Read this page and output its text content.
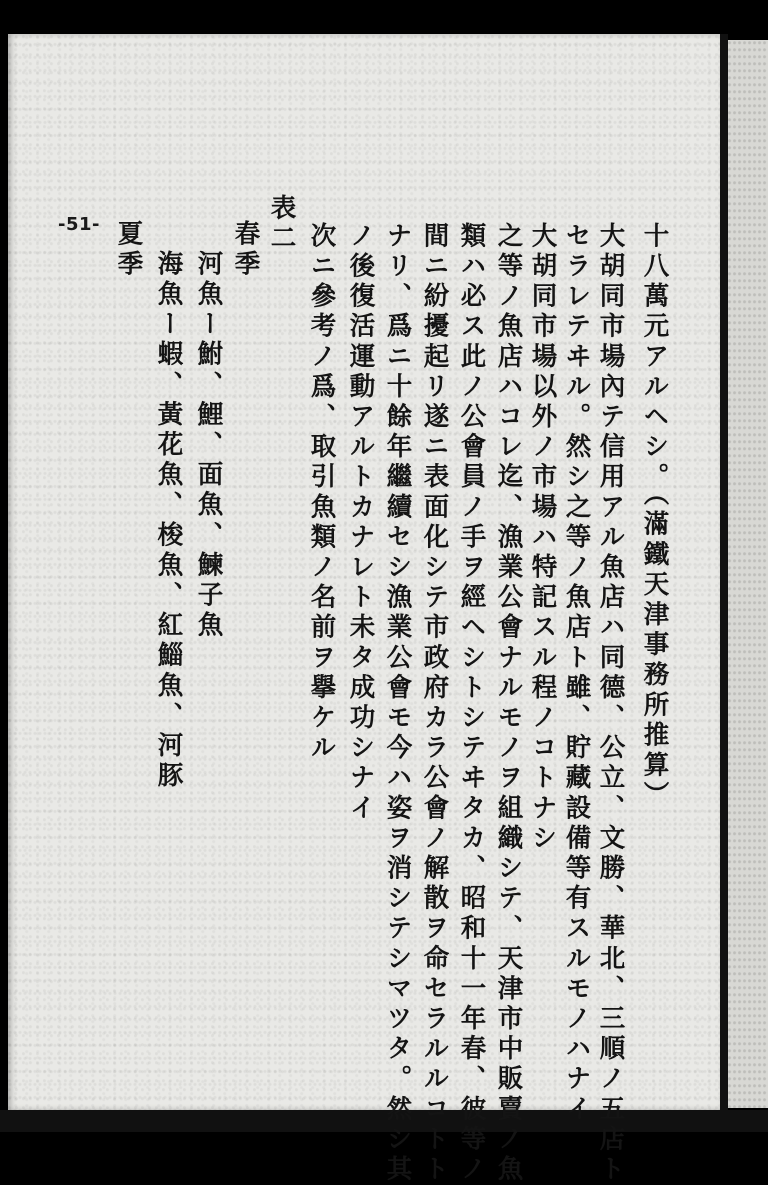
十八萬元アルヘシ。（滿鐵天津事務所推算）
大胡同市場內テ信用アル魚店ハ同德、公立、文勝、華北、三順ノ五店ト
セラレテヰル。然シ之等ノ魚店ト雖、貯藏設備等有スルモノハナイ
大胡同市場以外ノ市場ハ特記スル程ノコトナシ
之等ノ魚店ハコレ迄、漁業公會ナルモノヲ組織シテ、天津市中販賣ノ魚
類ハ必ス此ノ公會員ノ手ヲ經ヘシトシテヰタカ、昭和十一年春、彼等ノ
間ニ紛擾起リ遂ニ表面化シテ市政府カラ公會ノ解散ヲ命セラルルコトト
ナリ、爲ニ十餘年繼續セシ漁業公會モ今ハ姿ヲ消シテシマツタ。然シ其
ノ後復活運動アルトカナレト未タ成功シナイ
次ニ參考ノ爲、取引魚類ノ名前ヲ擧ケル
表二
春季
河魚ー鮒、鯉、面魚、鰊子魚
海魚ー蝦、黃花魚、梭魚、紅鯔魚、河豚
夏季
-51-
